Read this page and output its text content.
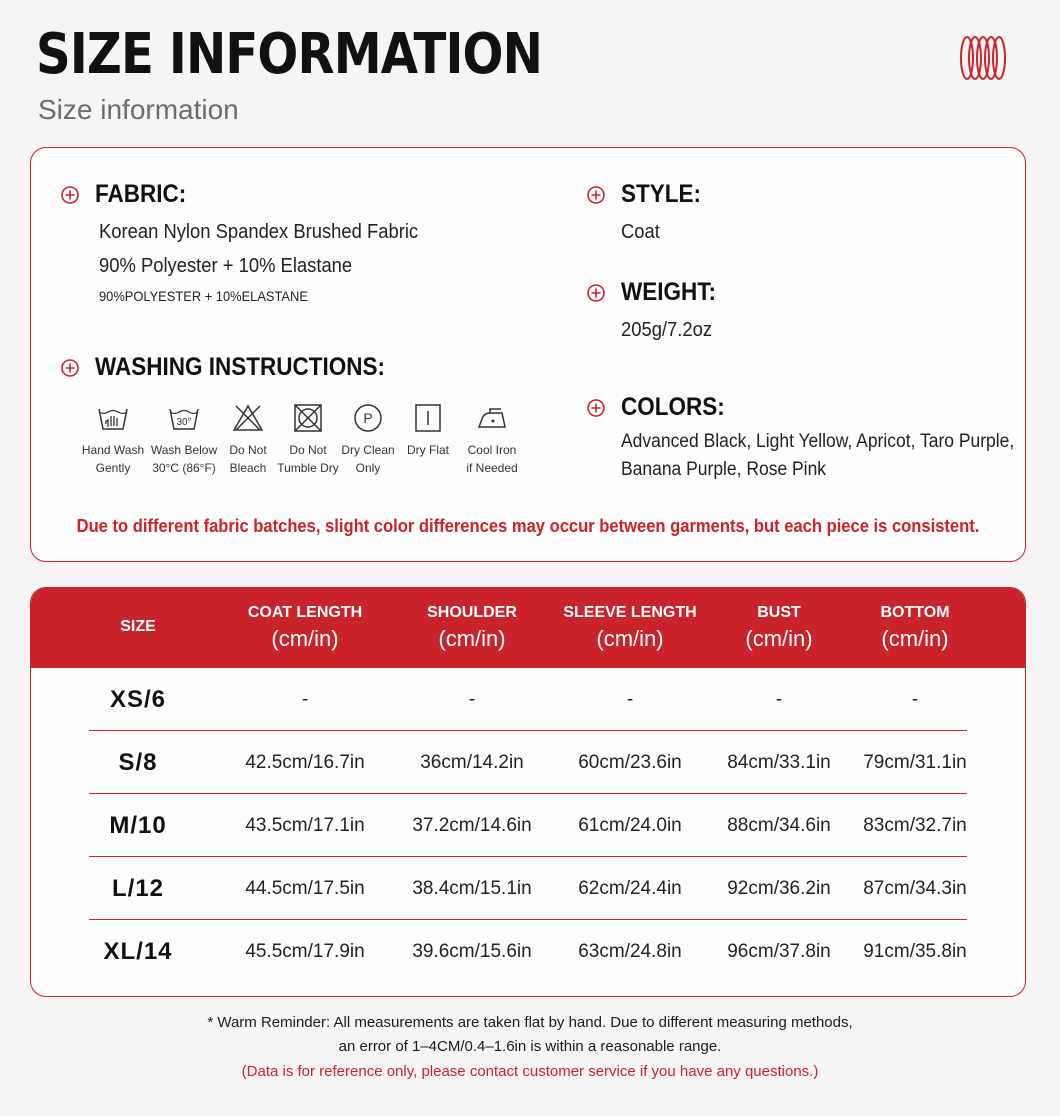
SIZE INFORMATION
Size information
FABRIC:
Korean Nylon Spandex Brushed Fabric
90% Polyester + 10% Elastane
90%POLYESTER + 10%ELASTANE
WASHING INSTRUCTIONS:
Hand Wash
Gently
30°
Wash Below
30°C (86°F)
Do Not
Bleach
Do Not
Tumble Dry
P
Dry Clean
Only
Dry Flat	Cool Iron
if Needed
STYLE:
Coat
WEIGHT:
205g/7.2oz
COLORS:
Advanced Black, Light Yellow, Apricot, Taro Purple,
Banana Purple, Rose Pink
Due to different fabric batches, slight color differences may occur between garments, but each piece is consistent.
SIZE
COAT LENGTH
(cm/in)
SHOULDER
(cm/in)
SLEEVE LENGTH
(cm/in)
BUST
(cm/in)
BOTTOM
(cm/in)
XS/6	-	-	-	-	-
S/8	42.5cm/16.7in	36cm/14.2in	60cm/23.6in 84cm/33.1in 79cm/31.1in
M/10	43.5cm/17.1in	37.2cm/14.6in 61cm/24.0in 88cm/34.6in 83cm/32.7in
L/12	44.5cm/17.5in	38.4cm/15.1in 62cm/24.4in 92cm/36.2in 87cm/34.3in
XL/14	45.5cm/17.9in	39.6cm/15.6in 63cm/24.8in 96cm/37.8in 91cm/35.8in
* Warm Reminder: All measurements are taken flat by hand. Due to different measuring methods,
an error of 1–4CM/0.4–1.6in is within a reasonable range.
(Data is for reference only, please contact customer service if you have any questions.)
